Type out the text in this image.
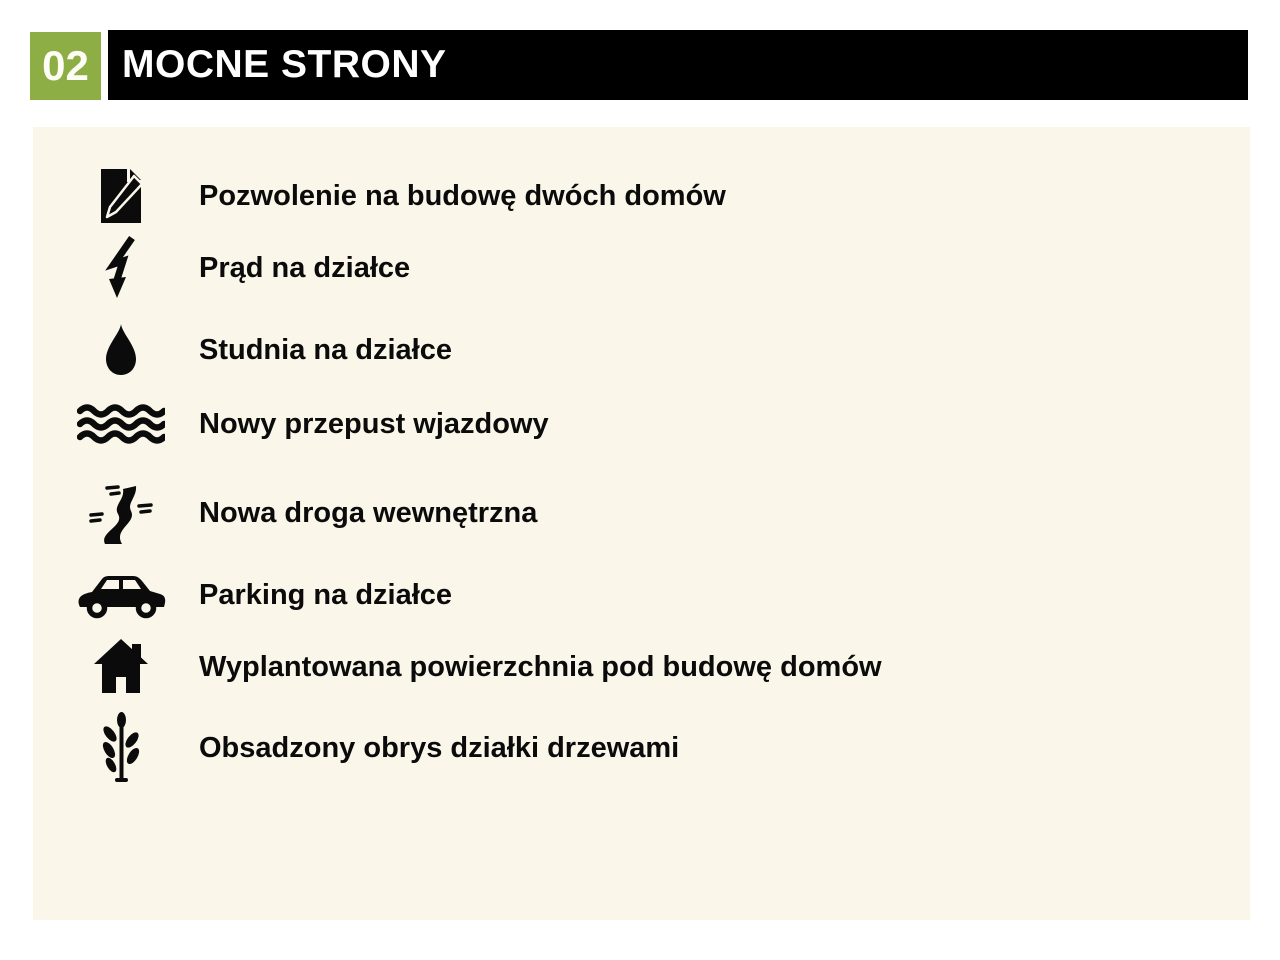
02 MOCNE STRONY
Pozwolenie na budowę dwóch domów
Prąd na działce
Studnia na działce
Nowy przepust wjazdowy
Nowa droga wewnętrzna
Parking na działce
Wyplantowana powierzchnia pod budowę domów
Obsadzony obrys działki drzewami
